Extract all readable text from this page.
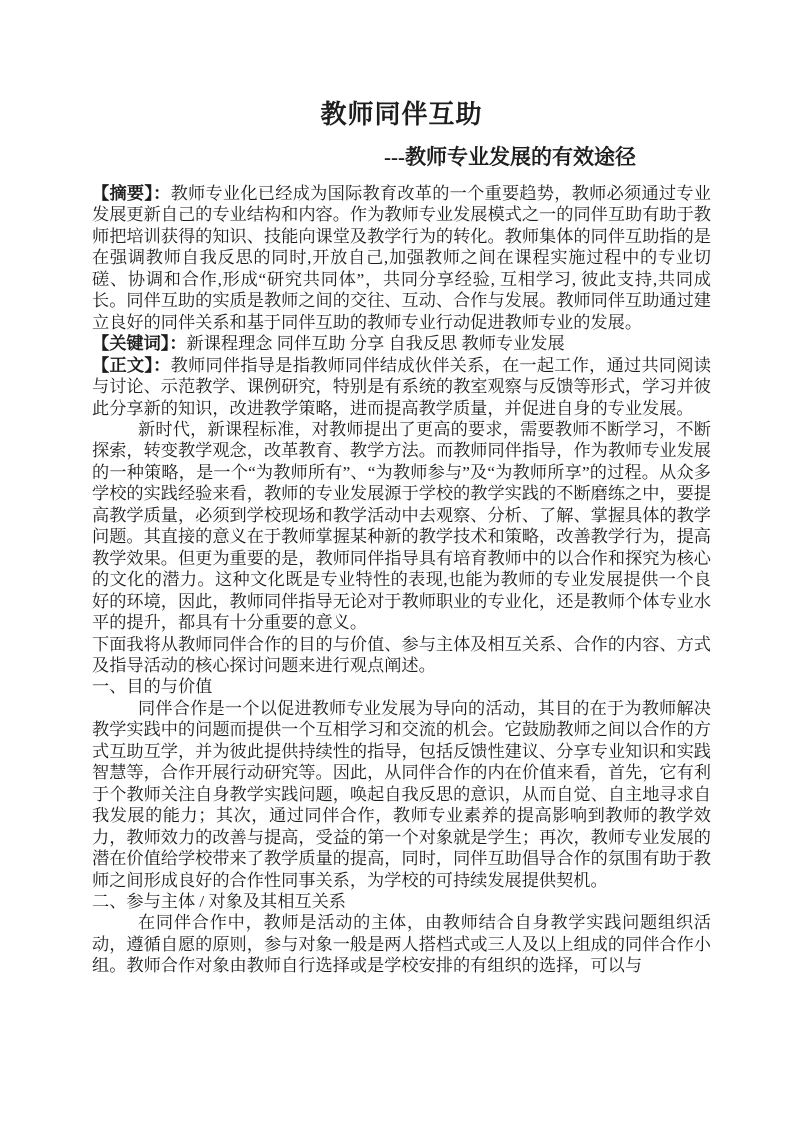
教师同伴互助
---教师专业发展的有效途径

【摘要】：教师专业化已经成为国际教育改革的一个重要趋势，教师必须通过专业发展更新自己的专业结构和内容。作为教师专业发展模式之一的同伴互助有助于教师把培训获得的知识、技能向课堂及教学行为的转化。教师集体的同伴互助指的是在强调教师自我反思的同时,开放自己,加强教师之间在课程实施过程中的专业切磋、协调和合作,形成“研究共同体”，共同分享经验, 互相学习, 彼此支持,共同成长。同伴互助的实质是教师之间的交往、互动、合作与发展。教师同伴互助通过建立良好的同伴关系和基于同伴互助的教师专业行动促进教师专业的发展。

【关键词】：新课程理念 同伴互助 分享 自我反思 教师专业发展

【正文】：教师同伴指导是指教师同伴结成伙伴关系，在一起工作，通过共同阅读与讨论、示范教学、课例研究，特别是有系统的教室观察与反馈等形式，学习并彼此分享新的知识，改进教学策略，进而提高教学质量，并促进自身的专业发展。

新时代，新课程标准，对教师提出了更高的要求，需要教师不断学习，不断探索，转变教学观念，改革教育、教学方法。而教师同伴指导，作为教师专业发展的一种策略，是一个“为教师所有”、“为教师参与”及“为教师所享”的过程。从众多学校的实践经验来看，教师的专业发展源于学校的教学实践的不断磨练之中，要提高教学质量，必须到学校现场和教学活动中去观察、分析、了解、掌握具体的教学问题。其直接的意义在于教师掌握某种新的教学技术和策略，改善教学行为，提高教学效果。但更为重要的是，教师同伴指导具有培育教师中的以合作和探究为核心的文化的潜力。这种文化既是专业特性的表现,也能为教师的专业发展提供一个良好的环境，因此，教师同伴指导无论对于教师职业的专业化，还是教师个体专业水平的提升，都具有十分重要的意义。

下面我将从教师同伴合作的目的与价值、参与主体及相互关系、合作的内容、方式及指导活动的核心探讨问题来进行观点阐述。

一、目的与价值

同伴合作是一个以促进教师专业发展为导向的活动，其目的在于为教师解决教学实践中的问题而提供一个互相学习和交流的机会。它鼓励教师之间以合作的方式互助互学，并为彼此提供持续性的指导，包括反馈性建议、分享专业知识和实践智慧等，合作开展行动研究等。因此，从同伴合作的内在价值来看，首先，它有利于个教师关注自身教学实践问题，唤起自我反思的意识，从而自觉、自主地寻求自我发展的能力；其次，通过同伴合作，教师专业素养的提高影响到教师的教学效力，教师效力的改善与提高，受益的第一个对象就是学生；再次，教师专业发展的潜在价值给学校带来了教学质量的提高，同时，同伴互助倡导合作的氛围有助于教师之间形成良好的合作性同事关系，为学校的可持续发展提供契机。

二、参与主体 / 对象及其相互关系

在同伴合作中，教师是活动的主体，由教师结合自身教学实践问题组织活动，遵循自愿的原则，参与对象一般是两人搭档式或三人及以上组成的同伴合作小组。教师合作对象由教师自行选择或是学校安排的有组织的选择，可以与
